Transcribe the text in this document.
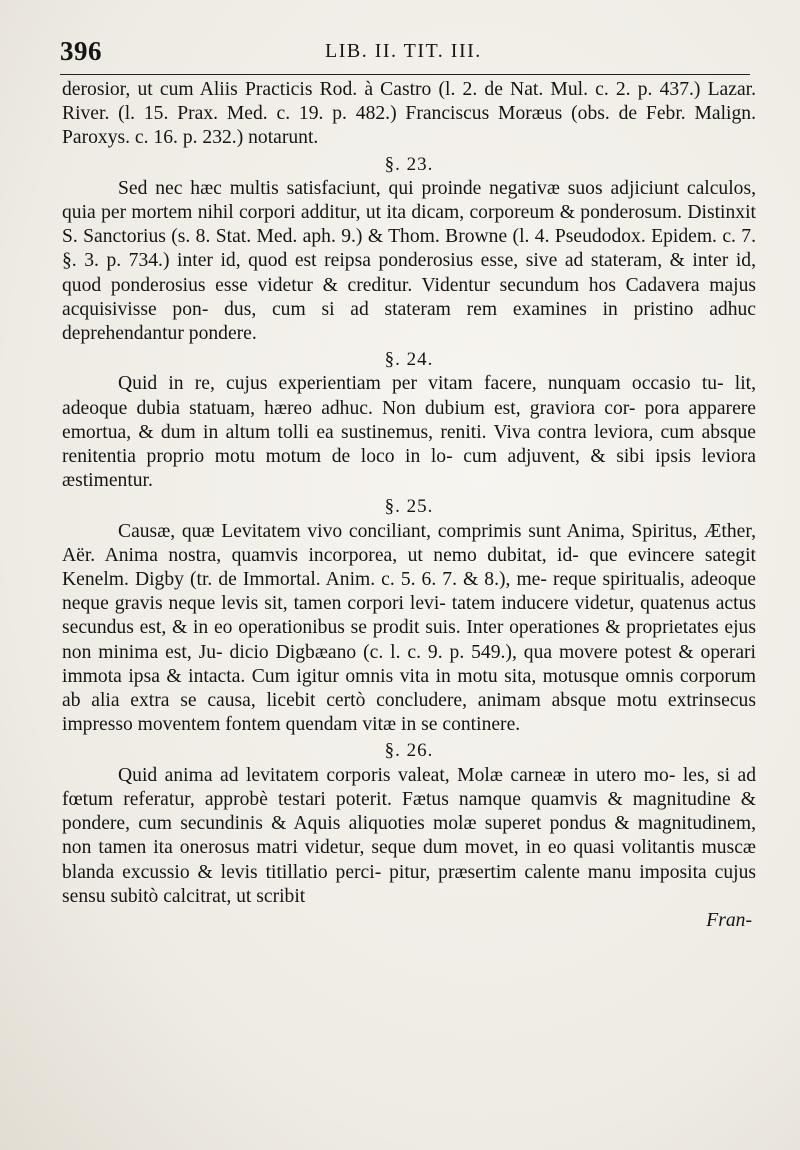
396	LIB. II. TIT. III.

derosior, ut cum Aliis Practicis Rod. à Castro (l. 2. de Nat. Mul. c. 2. p. 437.) Lazar. River. (l. 15. Prax. Med. c. 19. p. 482.) Franciscus Moræus (obs. de Febr. Malign. Paroxys. c. 16. p. 232.) notarunt.

§. 23.

Sed nec hæc multis satisfaciunt, qui proinde negativæ suos adjiciunt calculos, quia per mortem nihil corpori additur, ut ita dicam, corporeum & ponderosum. Distinxit S. Sanctorius (s. 8. Stat. Med. aph. 9.) & Thom. Browne (l. 4. Pseudodox. Epidem. c. 7. §. 3. p. 734.) inter id, quod est reipsa ponderosius esse, sive ad stateram, & inter id, quod ponderosius esse videtur & creditur. Videntur secundum hos Cadavera majus acquisivisse pon- dus, cum si ad stateram rem examines in pristino adhuc deprehendantur pondere.

§. 24.

Quid in re, cujus experientiam per vitam facere, nunquam occasio tu- lit, adeoque dubia statuam, hæreo adhuc. Non dubium est, graviora cor- pora apparere emortua, & dum in altum tolli ea sustinemus, reniti. Viva contra leviora, cum absque renitentia proprio motu motum de loco in lo- cum adjuvent, & sibi ipsis leviora æstimentur.

§. 25.

Causæ, quæ Levitatem vivo conciliant, comprimis sunt Anima, Spiritus, Æther, Aër. Anima nostra, quamvis incorporea, ut nemo dubitat, id- que evincere sategit Kenelm. Digby (tr. de Immortal. Anim. c. 5. 6. 7. & 8.), me- reque spiritualis, adeoque neque gravis neque levis sit, tamen corpori levi- tatem inducere videtur, quatenus actus secundus est, & in eo operationibus se prodit suis. Inter operationes & proprietates ejus non minima est, Ju- dicio Digbæano (c. l. c. 9. p. 549.), qua movere potest & operari immota ipsa & intacta. Cum igitur omnis vita in motu sita, motusque omnis corporum ab alia extra se causa, licebit certò concludere, animam absque motu extrinsecus impresso moventem fontem quendam vitæ in se continere.

§. 26.

Quid anima ad levitatem corporis valeat, Molæ carneæ in utero mo- les, si ad fœtum referatur, approbè testari poterit. Fætus namque quamvis & magnitudine & pondere, cum secundinis & Aquis aliquoties molæ superet pondus & magnitudinem, non tamen ita onerosus matri videtur, seque dum movet, in eo quasi volitantis muscæ blanda excussio & levis titillatio perci- pitur, præsertim calente manu imposita cujus sensu subitò calcitrat, ut scribit

Fran-
